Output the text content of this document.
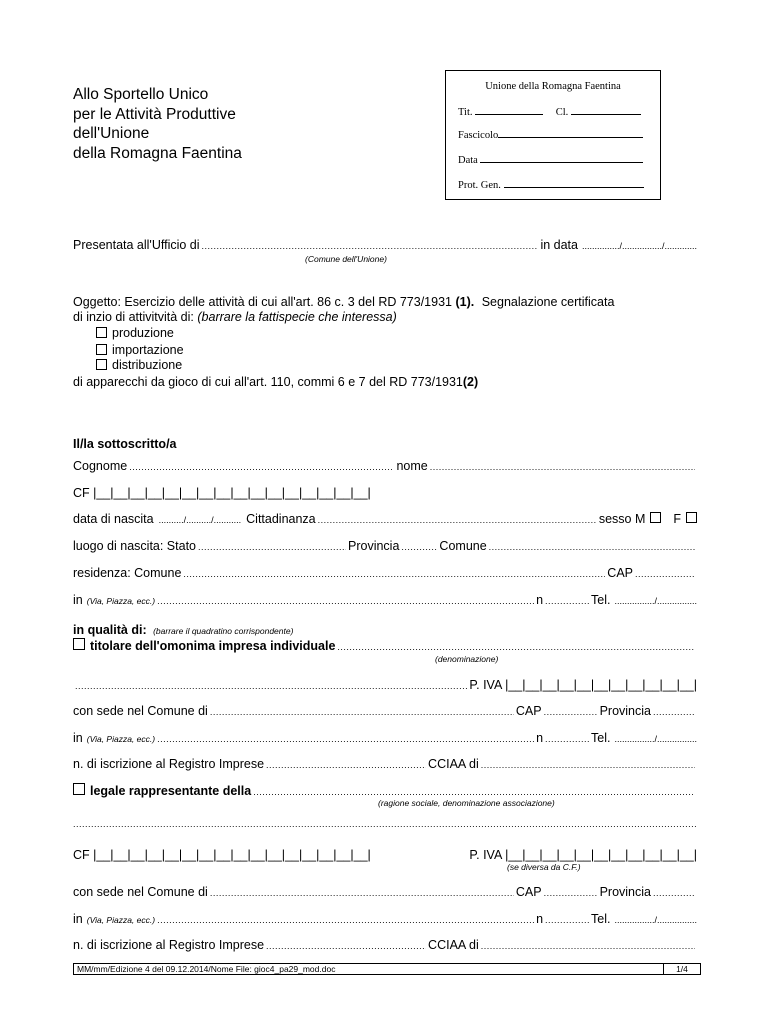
Allo Sportello Unico
per le Attività Produttive
dell'Unione
della Romagna Faentina
Unione della Romagna Faentina
Tit.	Cl.
Fascicolo
Data
Prot. Gen.
Presentata all'Ufficio di .....	in data .............../................/.............
(Comune dell'Unione)
Oggetto: Esercizio delle attività di cui all'art. 86 c. 3 del RD 773/1931 (1). Segnalazione certificata
di inzio di attivitvità di: (barrare la fattispecie che interessa)
produzione
importazione
distribuzione
di apparecchi da gioco di cui all'art. 110, commi 6 e 7 del RD 773/1931(2)
Il/la sottoscritto/a
Cognome .....	nome
.....
CF |__|__|__|__|__|__|__|__|__|__|__|__|__|__|__|__|
data di nascita ........../........../........... Cittadinanza .....	sesso M F
luogo di nascita: Stato .....	Provincia .....	Comune
.....
residenza: Comune .....	CAP
.....
in (Via, Piazza, ecc.) .....	n .....	Tel. ................/................
in qualità di: (barrare il quadratino corrispondente)
titolare dell'omonima impresa individuale
.....
(denominazione)
.....
P. IVA |__|__|__|__|__|__|__|__|__|__|__|
con sede nel Comune di .....	CAP .....	Provincia
.....
in (Via, Piazza, ecc.) .....	n .....	Tel. ................/................
n. di iscrizione al Registro Imprese .....	CCIAA di
.....
legale rappresentante della
.....
(ragione sociale, denominazione associazione)
.....
CF |__|__|__|__|__|__|__|__|__|__|__|__|__|__|__|__|	P. IVA |__|__|__|__|__|__|__|__|__|__|__|
(se diversa da C.F.)
con sede nel Comune di .....	CAP .....	Provincia
.....
in (Via, Piazza, ecc.) .....	n .....	Tel. ................/................
n. di iscrizione al Registro Imprese .....	CCIAA di
.....
MM/mm/Edizione 4 del 09.12.2014/Nome File: gioc4_pa29_mod.doc	1/4
